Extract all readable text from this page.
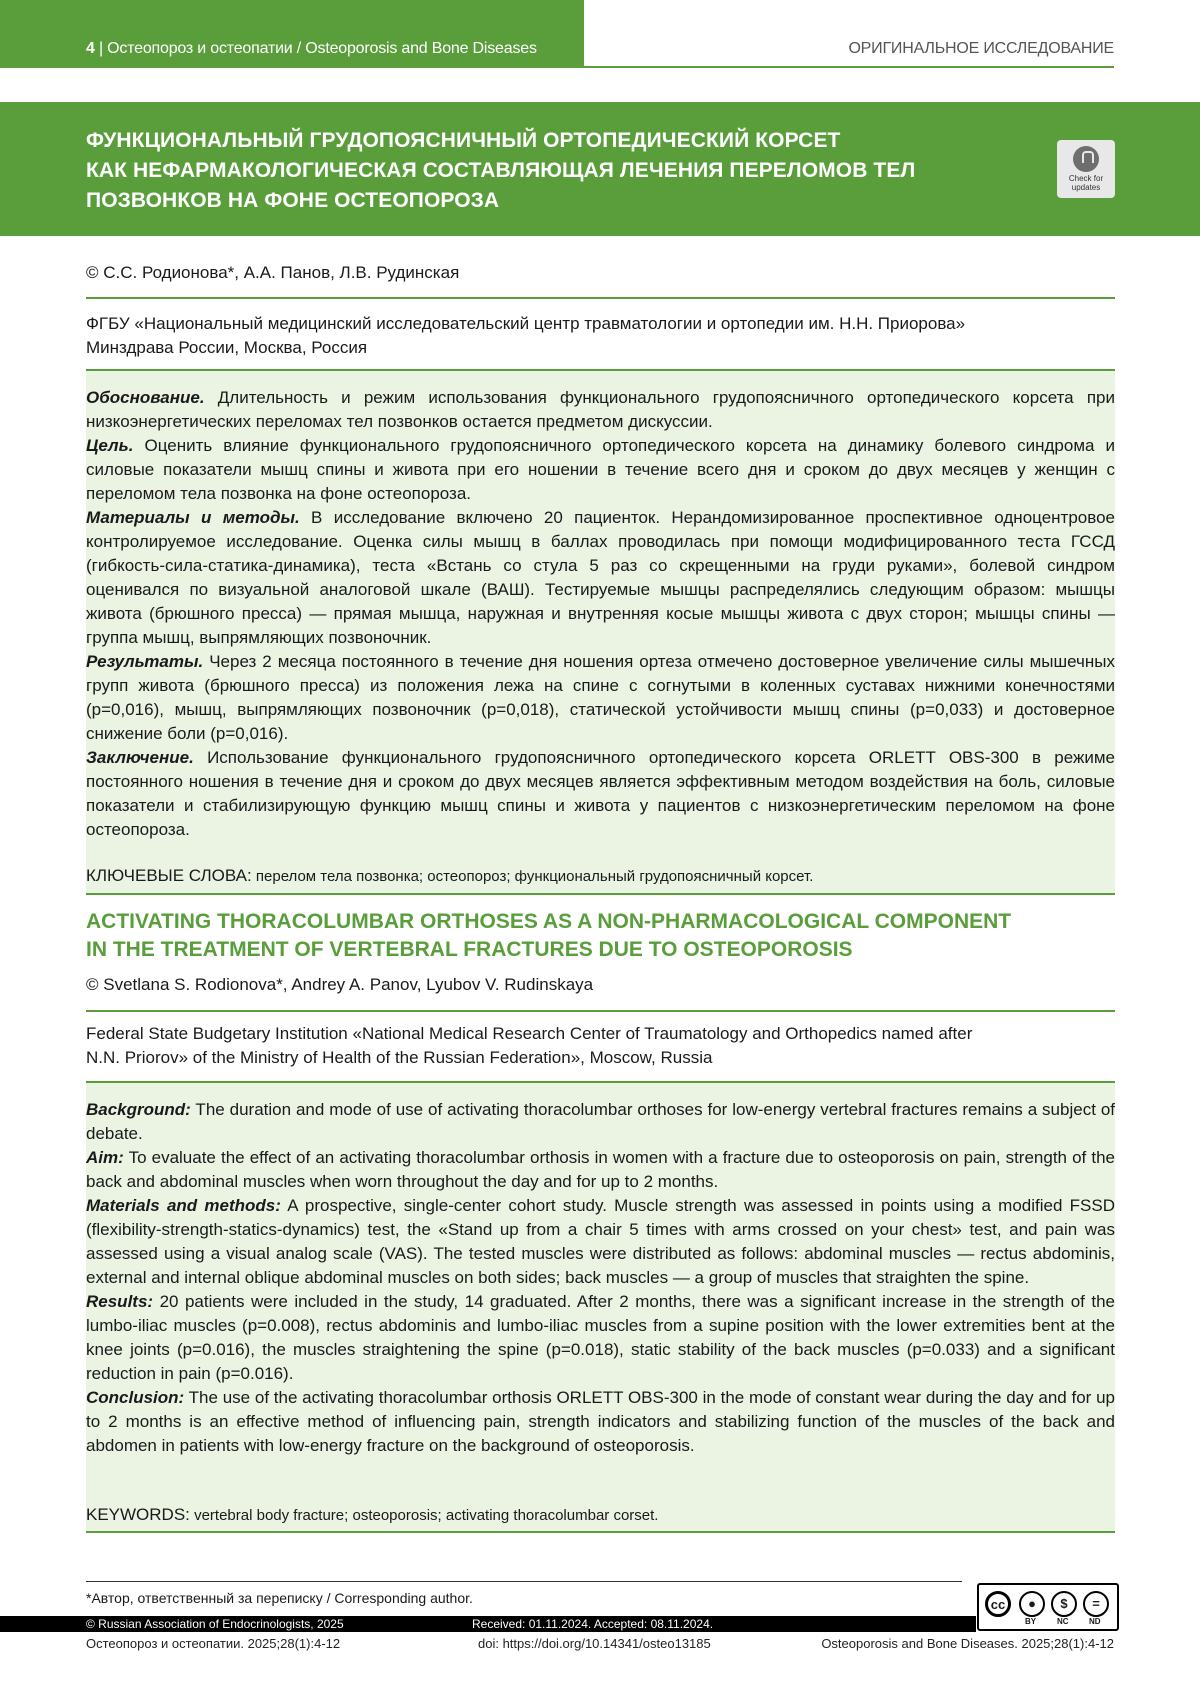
4 | Остеопороз и остеопатии / Osteoporosis and Bone Diseases	ОРИГИНАЛЬНОЕ ИССЛЕДОВАНИЕ
ФУНКЦИОНАЛЬНЫЙ ГРУДОПОЯСНИЧНЫЙ ОРТОПЕДИЧЕСКИЙ КОРСЕТ
КАК НЕФАРМАКОЛОГИЧЕСКАЯ СОСТАВЛЯЮЩАЯ ЛЕЧЕНИЯ ПЕРЕЛОМОВ ТЕЛ
ПОЗВОНКОВ НА ФОНЕ ОСТЕОПОРОЗА
Check for
updates
© С.С. Родионова*, А.А. Панов, Л.В. Рудинская
ФГБУ «Национальный медицинский исследовательский центр травматологии и ортопедии им. Н.Н. Приорова»
Минздрава России, Москва, Россия

Обоснование. Длительность и режим использования функционального грудопоясничного ортопедического корсета при низкоэнергетических переломах тел позвонков остается предметом дискуссии.

Цель. Оценить влияние функционального грудопоясничного ортопедического корсета на динамику болевого синдрома и силовые показатели мышц спины и живота при его ношении в течение всего дня и сроком до двух месяцев у женщин с переломом тела позвонка на фоне остеопороза.

Материалы и методы. В исследование включено 20 пациенток. Нерандомизированное проспективное одноцентровое контролируемое исследование. Оценка силы мышц в баллах проводилась при помощи модифицированного теста ГССД (гибкость-сила-статика-динамика), теста «Встань со стула 5 раз со скрещенными на груди руками», болевой синдром оценивался по визуальной аналоговой шкале (ВАШ). Тестируемые мышцы распределялись следующим образом: мышцы живота (брюшного пресса) — прямая мышца, наружная и внутренняя косые мышцы живота с двух сторон; мышцы спины — группа мышц, выпрямляющих позвоночник.

Результаты. Через 2 месяца постоянного в течение дня ношения ортеза отмечено достоверное увеличение силы мышечных групп живота (брюшного пресса) из положения лежа на спине с согнутыми в коленных суставах нижними конечностями (p=0,016), мышц, выпрямляющих позвоночник (p=0,018), статической устойчивости мышц спины (p=0,033) и достоверное снижение боли (p=0,016).

Заключение. Использование функционального грудопоясничного ортопедического корсета ORLETT OBS-300 в режиме постоянного ношения в течение дня и сроком до двух месяцев является эффективным методом воздействия на боль, силовые показатели и стабилизирующую функцию мышц спины и живота у пациентов с низкоэнергетическим переломом на фоне остеопороза.

КЛЮЧЕВЫЕ СЛОВА: перелом тела позвонка; остеопороз; функциональный грудопоясничный корсет.
ACTIVATING THORACOLUMBAR ORTHOSES AS A NON-PHARMACOLOGICAL COMPONENT
IN THE TREATMENT OF VERTEBRAL FRACTURES DUE TO OSTEOPOROSIS
© Svetlana S. Rodionova*, Andrey A. Panov, Lyubov V. Rudinskaya
Federal State Budgetary Institution «National Medical Research Center of Traumatology and Orthopedics named after
N.N. Priorov» of the Ministry of Health of the Russian Federation», Moscow, Russia

Background: The duration and mode of use of activating thoracolumbar orthoses for low-energy vertebral fractures remains a subject of debate.

Aim: To evaluate the effect of an activating thoracolumbar orthosis in women with a fracture due to osteoporosis on pain, strength of the back and abdominal muscles when worn throughout the day and for up to 2 months.

Materials and methods: A prospective, single-center cohort study. Muscle strength was assessed in points using a modified FSSD (flexibility-strength-statics-dynamics) test, the «Stand up from a chair 5 times with arms crossed on your chest» test, and pain was assessed using a visual analog scale (VAS). The tested muscles were distributed as follows: abdominal muscles — rectus abdominis, external and internal oblique abdominal muscles on both sides; back muscles — a group of muscles that straighten the spine.

Results: 20 patients were included in the study, 14 graduated. After 2 months, there was a significant increase in the strength of the lumbo-iliac muscles (p=0.008), rectus abdominis and lumbo-iliac muscles from a supine position with the lower extremities bent at the knee joints (p=0.016), the muscles straightening the spine (p=0.018), static stability of the back muscles (p=0.033) and a significant reduction in pain (p=0.016).

Conclusion: The use of the activating thoracolumbar orthosis ORLETT OBS-300 in the mode of constant wear during the day and for up to 2 months is an effective method of influencing pain, strength indicators and stabilizing function of the muscles of the back and abdomen in patients with low-energy fracture on the background of osteoporosis.

KEYWORDS: vertebral body fracture; osteoporosis; activating thoracolumbar corset.
*Автор, ответственный за переписку / Corresponding author.	cc	●	$	=
BY	NC	ND
© Russian Association of Endocrinologists, 2025	Received: 01.11.2024. Accepted: 08.11.2024.
Остеопороз и остеопатии. 2025;28(1):4-12	doi: https://doi.org/10.14341/osteo13185	Osteoporosis and Bone Diseases. 2025;28(1):4-12
